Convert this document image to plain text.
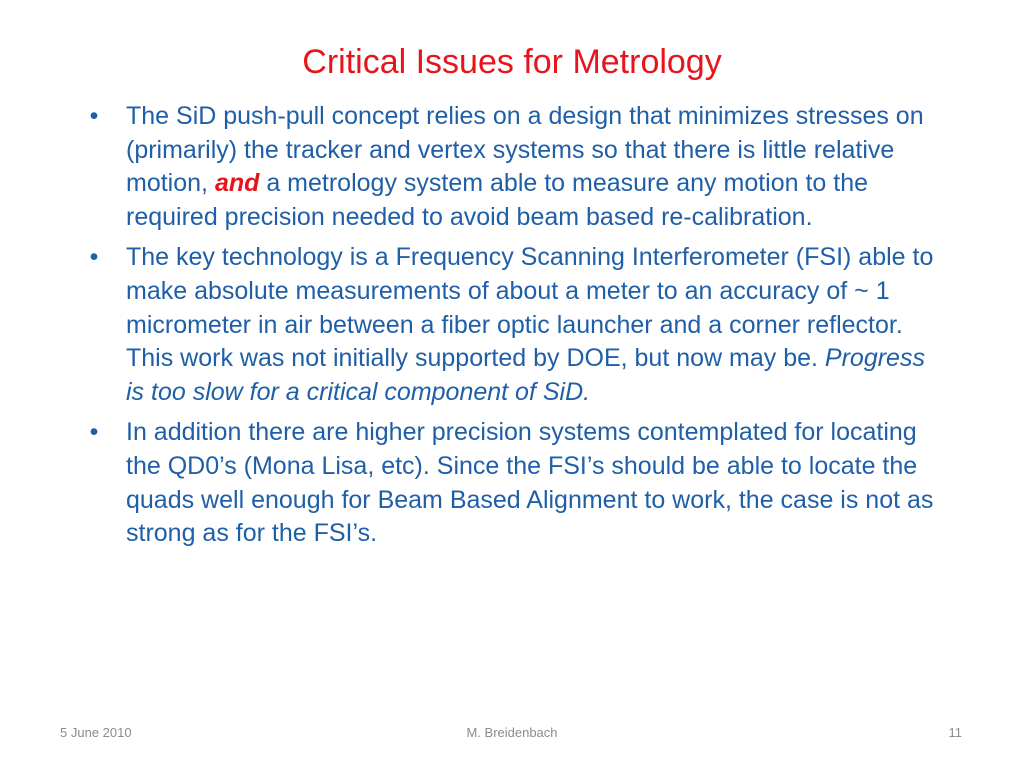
Critical Issues for Metrology
• The SiD push-pull concept relies on a design that minimizes stresses on (primarily) the tracker and vertex systems so that there is little relative motion, and a metrology system able to measure any motion to the required precision needed to avoid beam based re-calibration.
• The key technology is a Frequency Scanning Interferometer (FSI) able to make absolute measurements of about a meter to an accuracy of ~ 1 micrometer in air between a fiber optic launcher and a corner reflector. This work was not initially supported by DOE, but now may be. Progress is too slow for a critical component of SiD.
• In addition there are higher precision systems contemplated for locating the QD0’s (Mona Lisa, etc). Since the FSI’s should be able to locate the quads well enough for Beam Based Alignment to work, the case is not as strong as for the FSI’s.
5 June 2010	M. Breidenbach	11
